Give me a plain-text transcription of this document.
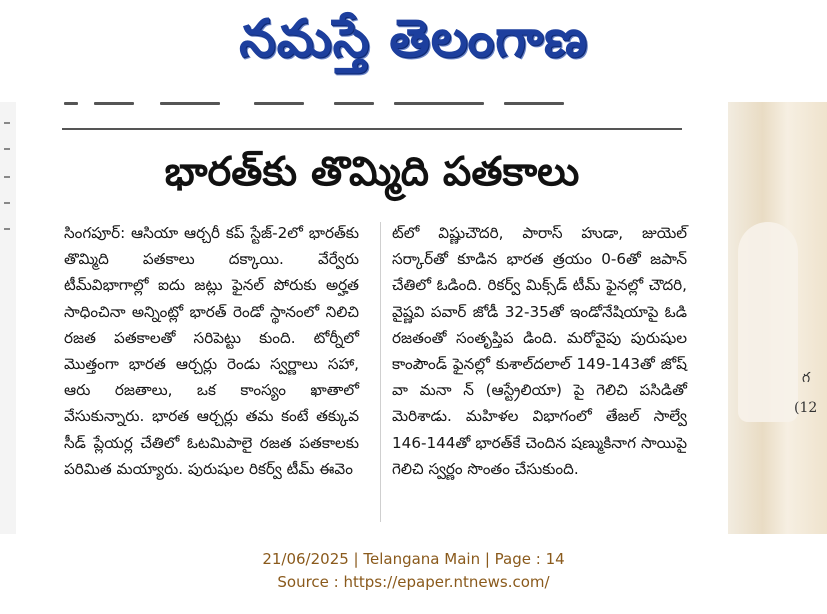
నమస్తే తెలంగాణ
భారత్‌కు తొమ్మిది పతకాలు
సింగపూర్: ఆసియా ఆర్చరీ కప్ స్టేజ్-2లో భారత్‌కు తొమ్మిది పతకాలు దక్కాయి. వేర్వేరు టీమ్‌విభాగాల్లో ఐదు జట్లు ఫైనల్ పోరుకు అర్హత సాధించినా అన్నింట్లో భారత్ రెండో స్థానంలో నిలిచి రజత పతకాలతో సరిపెట్టు కుంది. టోర్నీలో మొత్తంగా భారత ఆర్చర్లు రెండు స్వర్ణాలు సహా, ఆరు రజతాలు, ఒక కాంస్యం ఖాతాలో వేసుకున్నారు. భారత ఆర్చర్లు తమ కంటే తక్కువ సీడ్ ప్లేయర్ల చేతిలో ఓటమిపాలై రజత పతకాలకు పరిమిత మయ్యారు. పురుషుల రికర్వ్ టీమ్ ఈవెం
ట్‌లో విష్ణుచౌదరి, పారాస్ హుడా, జుయెల్ సర్కార్‌తో కూడిన భారత త్రయం 0-6తో జపాన్ చేతిలో ఓడింది. రికర్వ్ మిక్స్‌డ్ టీమ్ ఫైనల్లో చౌదరి, వైష్ణవి పవార్ జోడీ 32-35తో ఇండోనేషియాపై ఓడి రజతంతో సంతృప్తిప డింది. మరోవైపు పురుషుల కాంపౌండ్ ఫైనల్లో కుశాల్‌దలాల్ 149-143తో జోష్ వా మనా న్ (ఆస్ట్రేలియా) పై గెలిచి పసిడితో మెరిశాడు. మహిళల విభాగంలో తేజల్ సాల్వే 146-144తో భారత్‌కే చెందిన షణ్ముకినాగ సాయిపై గెలిచి స్వర్ణం సొంతం చేసుకుంది.
గ
(12
21/06/2025 | Telangana Main | Page : 14
Source : https://epaper.ntnews.com/
